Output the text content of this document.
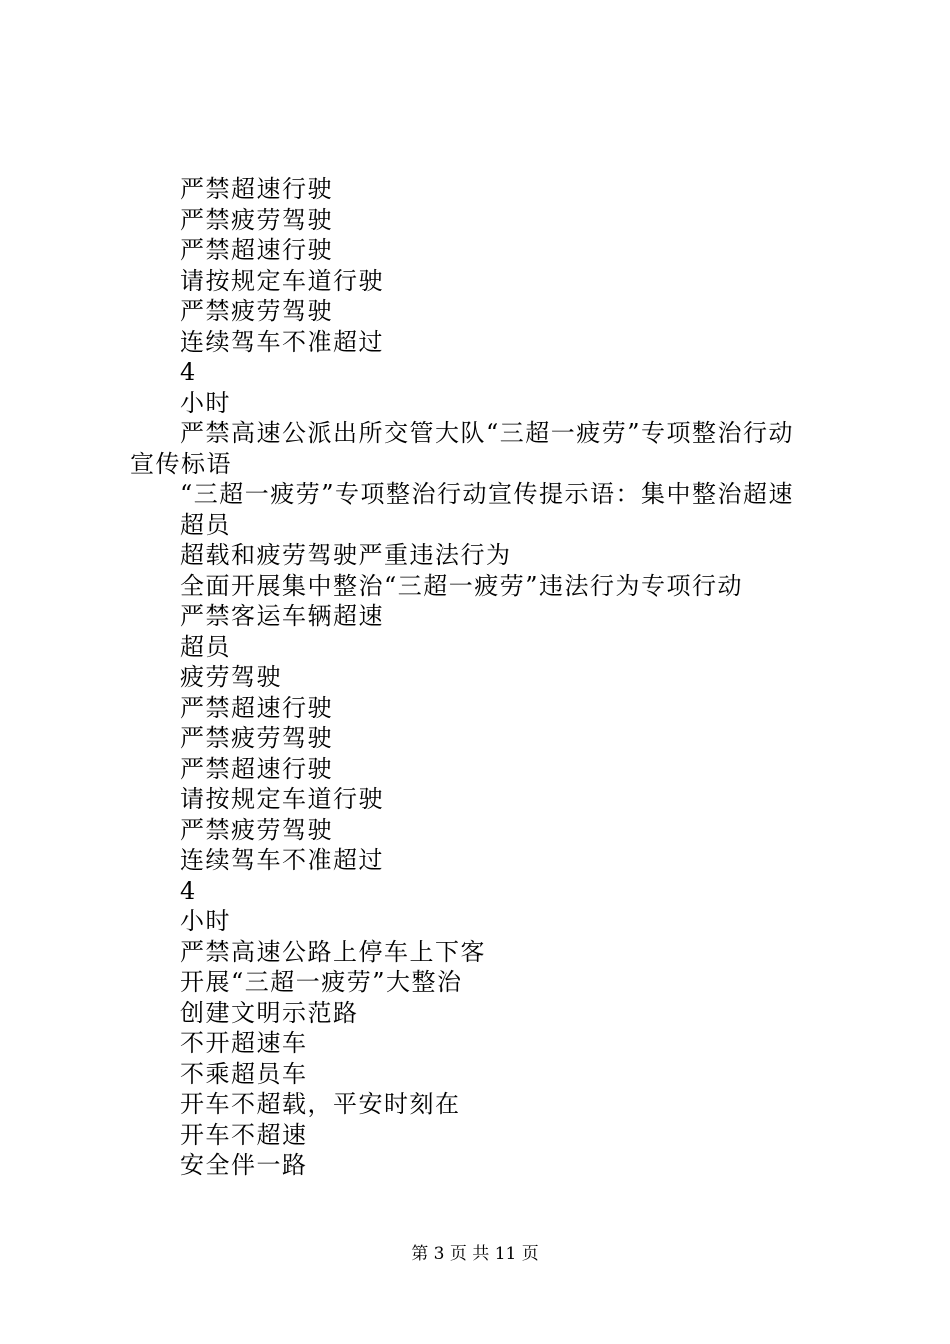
严禁超速行驶
严禁疲劳驾驶
严禁超速行驶
请按规定车道行驶
严禁疲劳驾驶
连续驾车不准超过
4
小时
严禁高速公派出所交管大队“三超一疲劳”专项整治行动
宣传标语
“三超一疲劳”专项整治行动宣传提示语：集中整治超速
超员
超载和疲劳驾驶严重违法行为
全面开展集中整治“三超一疲劳”违法行为专项行动
严禁客运车辆超速
超员
疲劳驾驶
严禁超速行驶
严禁疲劳驾驶
严禁超速行驶
请按规定车道行驶
严禁疲劳驾驶
连续驾车不准超过
4
小时
严禁高速公路上停车上下客
开展“三超一疲劳”大整治
创建文明示范路
不开超速车
不乘超员车
开车不超载，平安时刻在
开车不超速
安全伴一路
第 3 页 共 11 页
